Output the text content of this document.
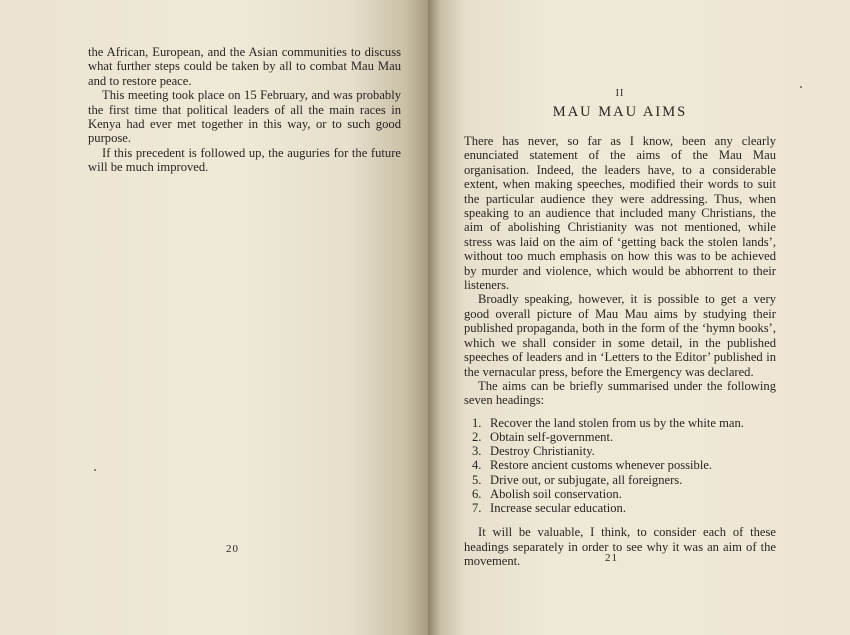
the African, European, and the Asian communities to discuss what further steps could be taken by all to combat Mau Mau and to restore peace.

This meeting took place on 15 February, and was probably the first time that political leaders of all the main races in Kenya had ever met together in this way, or to such good purpose.

If this precedent is followed up, the auguries for the future will be much improved.

20
II
MAU MAU AIMS

There has never, so far as I know, been any clearly enunciated statement of the aims of the Mau Mau organisation. Indeed, the leaders have, to a considerable extent, when making speeches, modified their words to suit the particular audience they were addressing. Thus, when speaking to an audience that included many Christians, the aim of abolishing Christianity was not mentioned, while stress was laid on the aim of ‘getting back the stolen lands’, without too much emphasis on how this was to be achieved by murder and violence, which would be abhorrent to their listeners.

Broadly speaking, however, it is possible to get a very good overall picture of Mau Mau aims by studying their published propaganda, both in the form of the ‘hymn books’, which we shall consider in some detail, in the published speeches of leaders and in ‘Letters to the Editor’ published in the vernacular press, before the Emergency was declared.

The aims can be briefly summarised under the following seven headings:

1. Recover the land stolen from us by the white man.
2. Obtain self-government.
3. Destroy Christianity.
4. Restore ancient customs whenever possible.
5. Drive out, or subjugate, all foreigners.
6. Abolish soil conservation.
7. Increase secular education.

It will be valuable, I think, to consider each of these headings separately in order to see why it was an aim of the movement.	21
